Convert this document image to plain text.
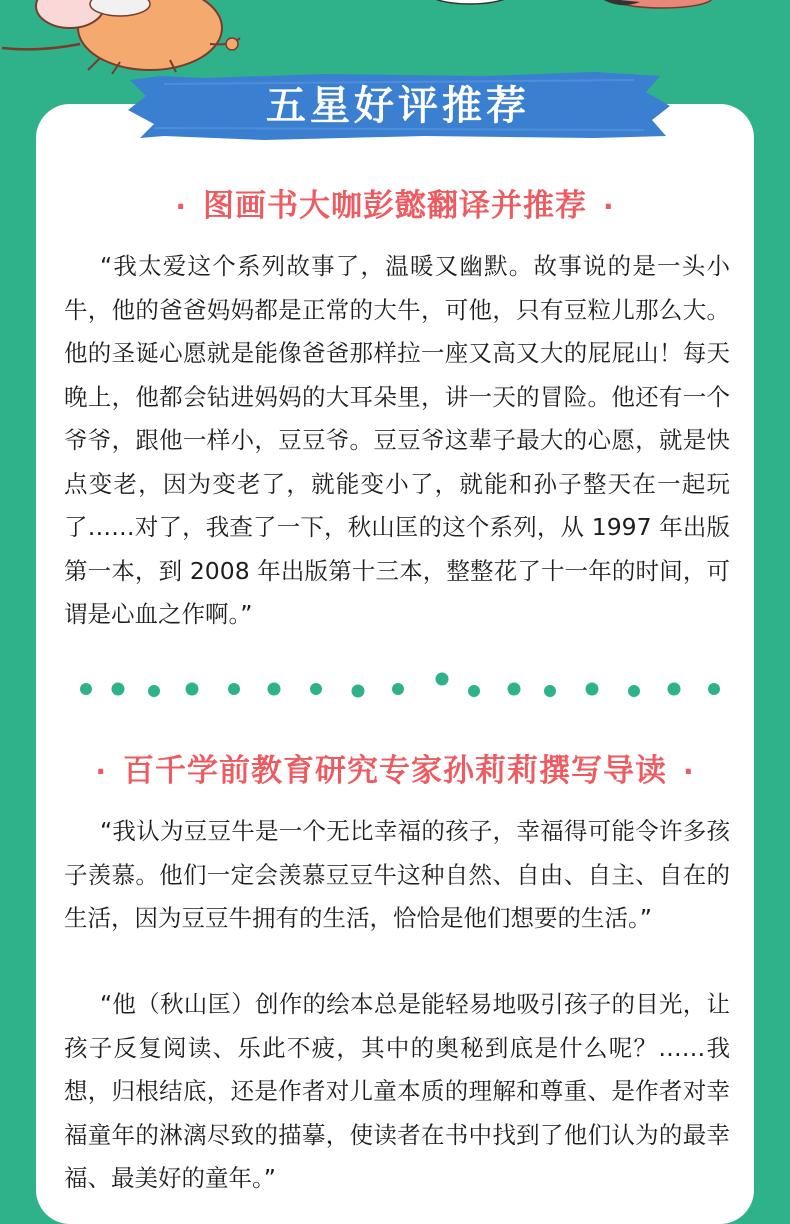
五星好评推荐
· 图画书大咖彭懿翻译并推荐 ·

“我太爱这个系列故事了，温暖又幽默。故事说的是一头小牛，他的爸爸妈妈都是正常的大牛，可他，只有豆粒儿那么大。他的圣诞心愿就是能像爸爸那样拉一座又高又大的屁屁山！每天晚上，他都会钻进妈妈的大耳朵里，讲一天的冒险。他还有一个爷爷，跟他一样小，豆豆爷。豆豆爷这辈子最大的心愿，就是快点变老，因为变老了，就能变小了，就能和孙子整天在一起玩了……对了，我查了一下，秋山匡的这个系列，从 1997 年出版第一本，到 2008 年出版第十三本，整整花了十一年的时间，可谓是心血之作啊。”

· 百千学前教育研究专家孙莉莉撰写导读 ·

“我认为豆豆牛是一个无比幸福的孩子，幸福得可能令许多孩子羡慕。他们一定会羡慕豆豆牛这种自然、自由、自主、自在的生活，因为豆豆牛拥有的生活，恰恰是他们想要的生活。”

“他（秋山匡）创作的绘本总是能轻易地吸引孩子的目光，让孩子反复阅读、乐此不疲，其中的奥秘到底是什么呢？……我想，归根结底，还是作者对儿童本质的理解和尊重、是作者对幸福童年的淋漓尽致的描摹，使读者在书中找到了他们认为的最幸福、最美好的童年。”
